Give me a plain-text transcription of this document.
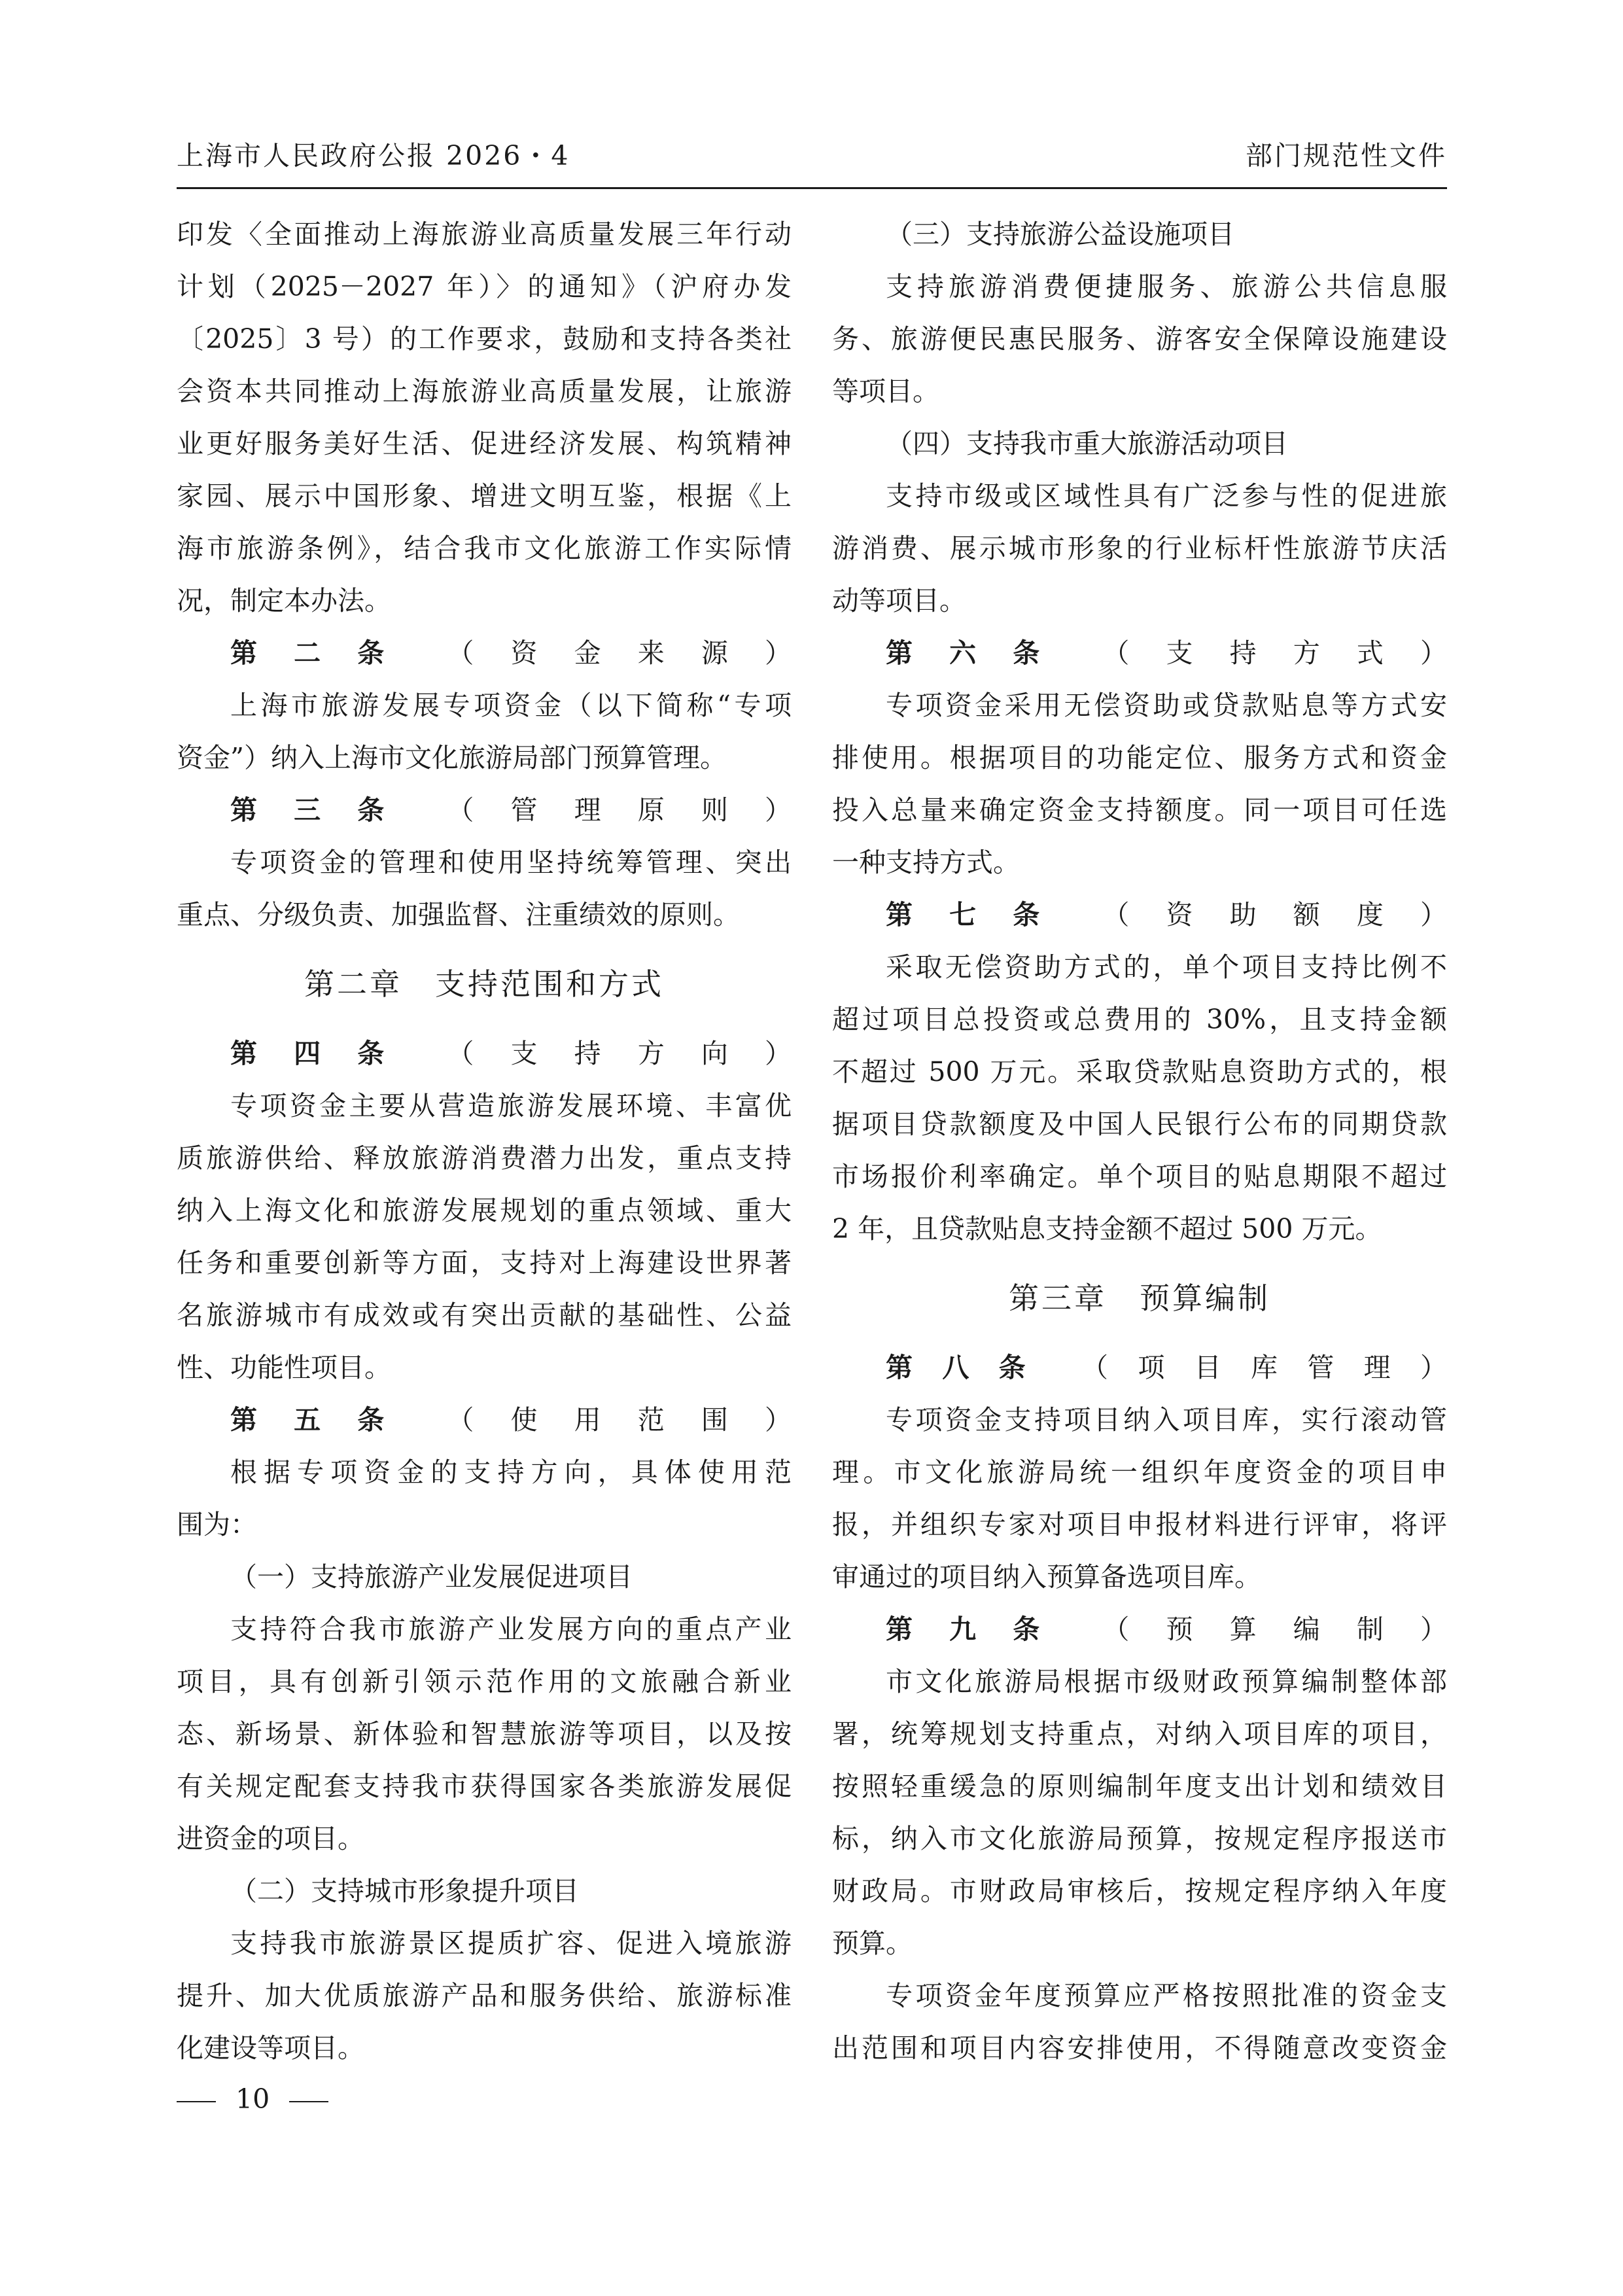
上海市人民政府公报 2026・4	部门规范性文件
印发〈全面推动上海旅游业高质量发展三年行动
计划（2025－2027 年）〉的通知》（沪府办发
〔2025〕3 号）的工作要求，鼓励和支持各类社
会资本共同推动上海旅游业高质量发展，让旅游
业更好服务美好生活、促进经济发展、构筑精神
家园、展示中国形象、增进文明互鉴，根据《上
海市旅游条例》，结合我市文化旅游工作实际情
况，制定本办法。
第二条 （资金来源）
上海市旅游发展专项资金（以下简称“专项
资金”）纳入上海市文化旅游局部门预算管理。
第三条 （管理原则）
专项资金的管理和使用坚持统筹管理、突出
重点、分级负责、加强监督、注重绩效的原则。
第二章　支持范围和方式
第四条 （支持方向）
专项资金主要从营造旅游发展环境、丰富优
质旅游供给、释放旅游消费潜力出发，重点支持
纳入上海文化和旅游发展规划的重点领域、重大
任务和重要创新等方面，支持对上海建设世界著
名旅游城市有成效或有突出贡献的基础性、公益
性、功能性项目。
第五条 （使用范围）
根据专项资金的支持方向，具体使用范
围为：
（一）支持旅游产业发展促进项目
支持符合我市旅游产业发展方向的重点产业
项目，具有创新引领示范作用的文旅融合新业
态、新场景、新体验和智慧旅游等项目，以及按
有关规定配套支持我市获得国家各类旅游发展促
进资金的项目。
（二）支持城市形象提升项目
支持我市旅游景区提质扩容、促进入境旅游
提升、加大优质旅游产品和服务供给、旅游标准
化建设等项目。
（三）支持旅游公益设施项目
支持旅游消费便捷服务、旅游公共信息服
务、旅游便民惠民服务、游客安全保障设施建设
等项目。
（四）支持我市重大旅游活动项目
支持市级或区域性具有广泛参与性的促进旅
游消费、展示城市形象的行业标杆性旅游节庆活
动等项目。
第六条 （支持方式）
专项资金采用无偿资助或贷款贴息等方式安
排使用。根据项目的功能定位、服务方式和资金
投入总量来确定资金支持额度。同一项目可任选
一种支持方式。
第七条 （资助额度）
采取无偿资助方式的，单个项目支持比例不
超过项目总投资或总费用的 30%，且支持金额
不超过 500 万元。采取贷款贴息资助方式的，根
据项目贷款额度及中国人民银行公布的同期贷款
市场报价利率确定。单个项目的贴息期限不超过
2 年，且贷款贴息支持金额不超过 500 万元。
第三章　预算编制
第八条 （项目库管理）
专项资金支持项目纳入项目库，实行滚动管
理。市文化旅游局统一组织年度资金的项目申
报，并组织专家对项目申报材料进行评审，将评
审通过的项目纳入预算备选项目库。
第九条 （预算编制）
市文化旅游局根据市级财政预算编制整体部
署，统筹规划支持重点，对纳入项目库的项目，
按照轻重缓急的原则编制年度支出计划和绩效目
标，纳入市文化旅游局预算，按规定程序报送市
财政局。市财政局审核后，按规定程序纳入年度
预算。
专项资金年度预算应严格按照批准的资金支
出范围和项目内容安排使用，不得随意改变资金
10
